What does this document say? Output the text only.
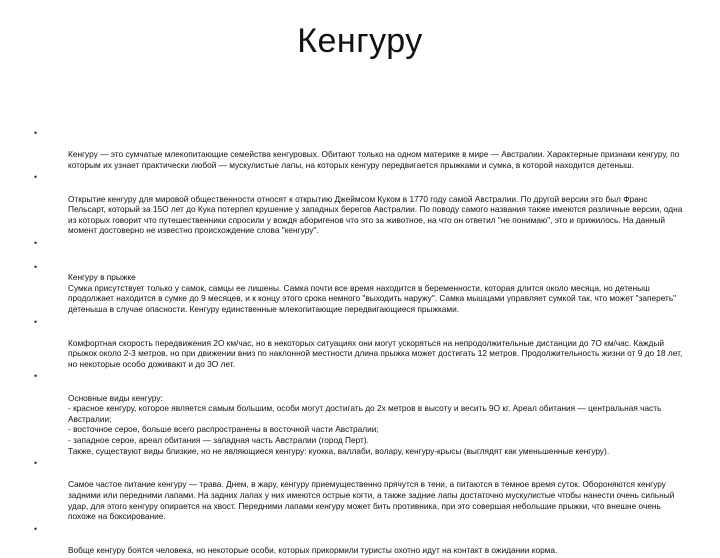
Кенгуру

•

Кенгуру — это сумчатые млекопитающие семейства кенгуровых. Обитают только на одном материке в мире — Австралии. Характерные признаки кенгуру, по которым их узнает практически любой — мускулистые лапы, на которых кенгуру передвигается прыжками и сумка, в которой находится детеныш.

•

Открытие кенгуру для мировой общественности относят к открытию Джеймсом Куком в 1770 году самой Австралии. По другой версии это был Франс Пельсарт, который за 15O лет до Кука потерпел крушение у западных берегов Австралии. По поводу самого названия также имеются различные версии, одна из которых говорит что путешественники спросили у вождя аборигенов что это за животное, на что он ответил "не понимаю", это и прижилось. На данный момент достоверно не известно происхождение слова "кенгуру".

•

•

Кенгуру в прыжке
Сумка присутствует только у самок, самцы ее лишены. Самка почти все время находится в беременности, которая длится около месяца, но детеныш продолжает находится в сумке до 9 месяцев, и к концу этого срока немного "выходить наружу". Самка мышцами управляет сумкой так, что может "запереть" детеныша в случае опасности. Кенгуру единственные млекопитающие передвигающиеся прыжками.

•

Комфортная скорость передвижения 2O км/час, но в некоторых ситуациях они могут ускоряться на непродолжительные дистанции до 7O км/час. Каждый прыжок около 2-3 метров, но при движении вниз по наклонной местности длина прыжка может достигать 12 метров. Продолжительность жизни от 9 до 18 лет, но некоторые особо доживают и до 3O лет.

•

Основные виды кенгуру:
- красное кенгуру, которое является самым большим, особи могут достигать до 2х метров в высоту и весить 9O кг. Ареал обитания — центральная часть Австралии;
- восточное серое, больше всего распространены в восточной части Австралии;
- западное серое, ареал обитания — западная часть Австралии (город Перт).
Также, существуют виды близкие, но не являющиеся кенгуру: куокка, валлаби, волару, кенгуру-крысы (выглядят как уменьшенные кенгуру).

•

Самое частое питание кенгуру — трава. Днем, в жару, кенгуру приемущественно прячутся в тени, а питаются в темное время суток. Обороняются кенгуру задними или передними лапами. На задних лапах у них имеются острые когти, а также задние лапы достаточно мускулистые чтобы нанести очень сильный удар, для этого кенгуру опирается на хвост. Передними лапами кенгуру может бить противника, при это совершая небольшие прыжки, что внешне очень похоже на боксирование.

•

Вобще кенгуру боятся человека, но некоторые особи, которых прикормили туристы охотно идут на контакт в ожидании корма.
